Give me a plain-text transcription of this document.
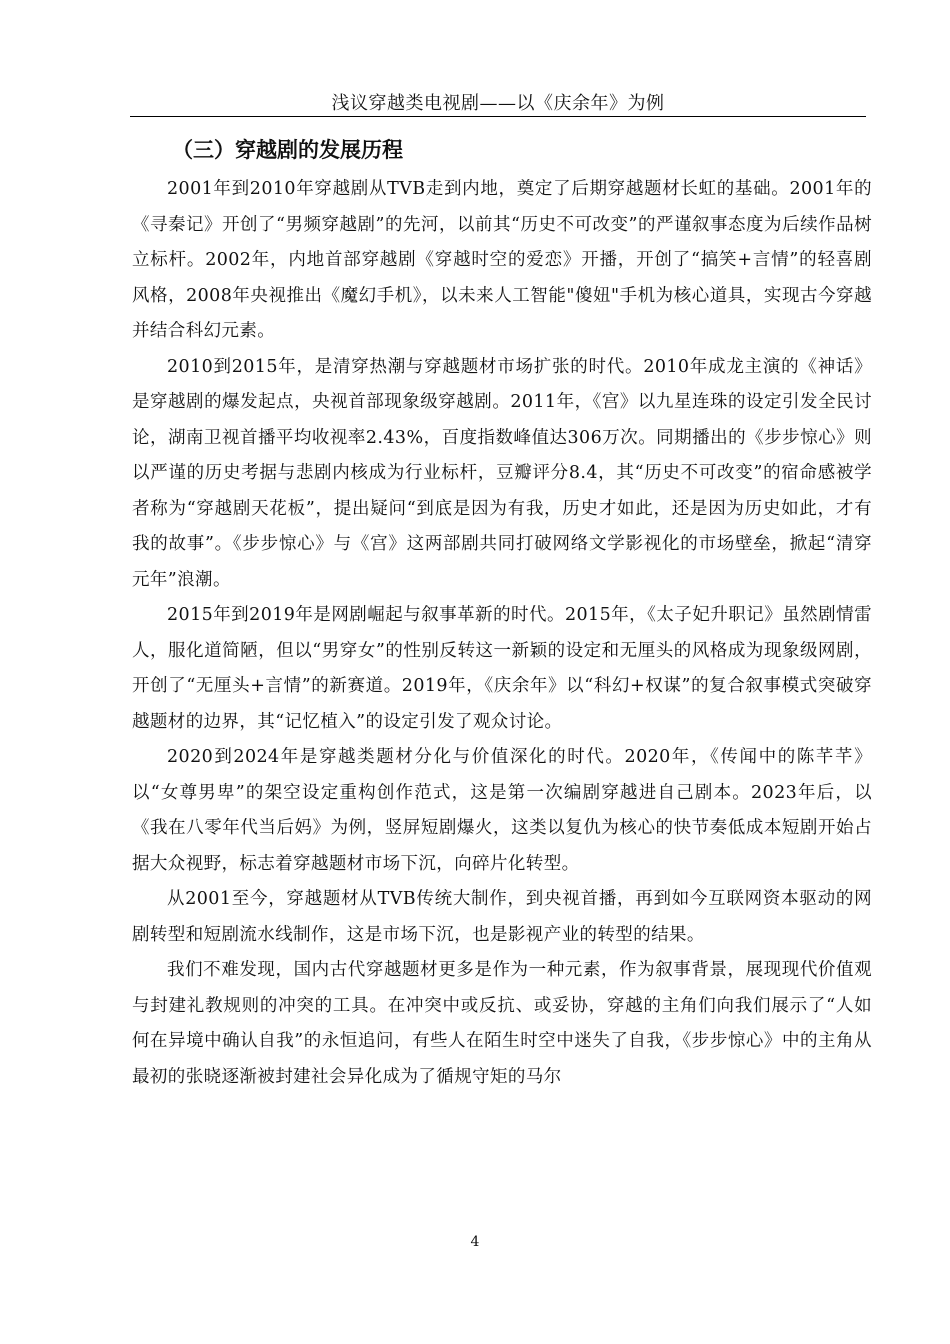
浅议穿越类电视剧——以《庆余年》为例
（三）穿越剧的发展历程

2001年到2010年穿越剧从TVB走到内地，奠定了后期穿越题材长虹的基础。2001年的《寻秦记》开创了“男频穿越剧”的先河，以前其“历史不可改变”的严谨叙事态度为后续作品树立标杆。2002年，内地首部穿越剧《穿越时空的爱恋》开播，开创了“搞笑+言情”的轻喜剧风格，2008年央视推出《魔幻手机》，以未来人工智能"傻妞"手机为核心道具，实现古今穿越并结合科幻元素。

2010到2015年，是清穿热潮与穿越题材市场扩张的时代。2010年成龙主演的《神话》是穿越剧的爆发起点，央视首部现象级穿越剧。2011年，《宫》以九星连珠的设定引发全民讨论，湖南卫视首播平均收视率2.43%，百度指数峰值达306万次。同期播出的《步步惊心》则以严谨的历史考据与悲剧内核成为行业标杆，豆瓣评分8.4，其“历史不可改变”的宿命感被学者称为“穿越剧天花板”，提出疑问“到底是因为有我，历史才如此，还是因为历史如此，才有我的故事”。《步步惊心》与《宫》这两部剧共同打破网络文学影视化的市场壁垒，掀起“清穿元年”浪潮。

2015年到2019年是网剧崛起与叙事革新的时代。2015年，《太子妃升职记》虽然剧情雷人，服化道简陋，但以“男穿女”的性别反转这一新颖的设定和无厘头的风格成为现象级网剧，开创了“无厘头+言情”的新赛道。2019年，《庆余年》以“科幻+权谋”的复合叙事模式突破穿越题材的边界，其“记忆植入”的设定引发了观众讨论。

2020到2024年是穿越类题材分化与价值深化的时代。2020年，《传闻中的陈芊芊》以“女尊男卑”的架空设定重构创作范式，这是第一次编剧穿越进自己剧本。2023年后，以《我在八零年代当后妈》为例，竖屏短剧爆火，这类以复仇为核心的快节奏低成本短剧开始占据大众视野，标志着穿越题材市场下沉，向碎片化转型。

从2001至今，穿越题材从TVB传统大制作，到央视首播，再到如今互联网资本驱动的网剧转型和短剧流水线制作，这是市场下沉，也是影视产业的转型的结果。

我们不难发现，国内古代穿越题材更多是作为一种元素，作为叙事背景，展现现代价值观与封建礼教规则的冲突的工具。在冲突中或反抗、或妥协，穿越的主角们向我们展示了“人如何在异境中确认自我”的永恒追问，有些人在陌生时空中迷失了自我，《步步惊心》中的主角从最初的张晓逐渐被封建社会异化成为了循规守矩的马尔

4
